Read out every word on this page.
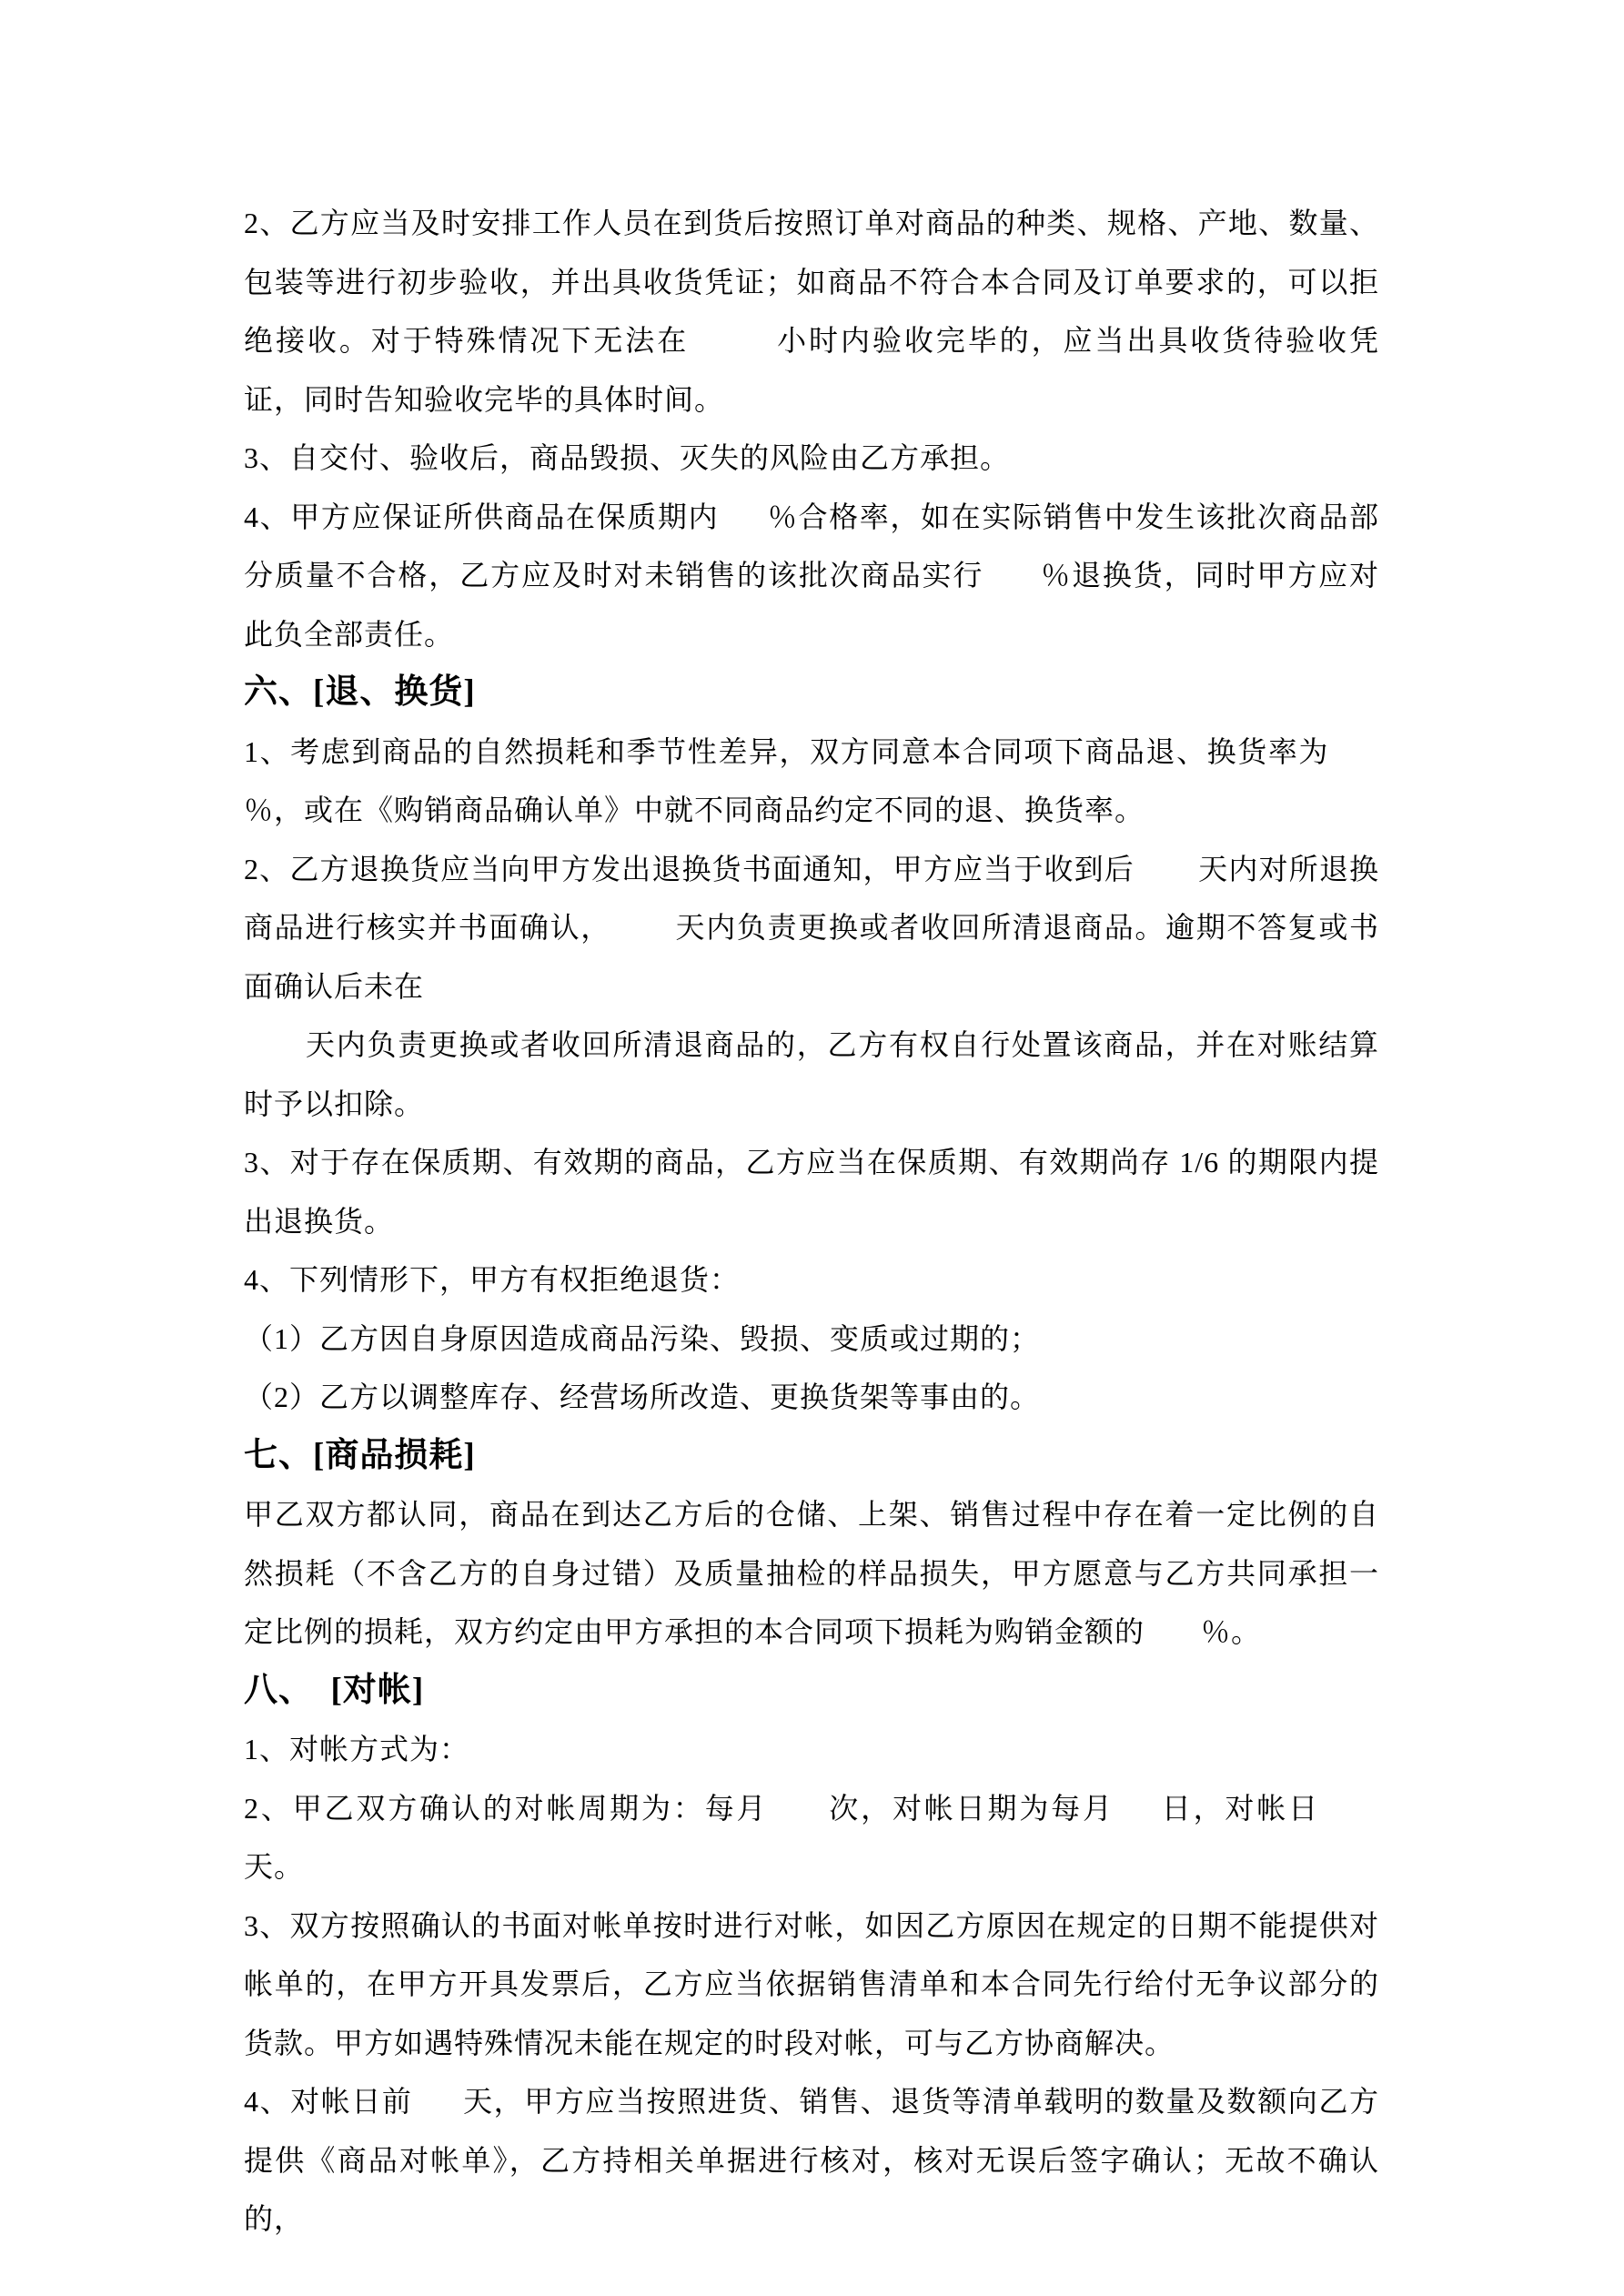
2、乙方应当及时安排工作人员在到货后按照订单对商品的种类、规格、产地、数量、包装等进行初步验收，并出具收货凭证；如商品不符合本合同及订单要求的，可以拒绝接收。对于特殊情况下无法在	小时内验收完毕的，应当出具收货待验收凭证，同时告知验收完毕的具体时间。

3、自交付、验收后，商品毁损、灭失的风险由乙方承担。

4、甲方应保证所供商品在保质期内 ％合格率，如在实际销售中发生该批次商品部分质量不合格，乙方应及时对未销售的该批次商品实行 ％退换货，同时甲方应对此负全部责任。

六、[退、换货]

1、考虑到商品的自然损耗和季节性差异，双方同意本合同项下商品退、换货率为％，或在《购销商品确认单》中就不同商品约定不同的退、换货率。

2、乙方退换货应当向甲方发出退换货书面通知，甲方应当于收到后 天内对所退换商品进行核实并书面确认， 天内负责更换或者收回所清退商品。逾期不答复或书面确认后未在

天内负责更换或者收回所清退商品的，乙方有权自行处置该商品，并在对账结算时予以扣除。

3、对于存在保质期、有效期的商品，乙方应当在保质期、有效期尚存 1/6 的期限内提出退换货。

4、下列情形下，甲方有权拒绝退货：

（1）乙方因自身原因造成商品污染、毁损、变质或过期的；

（2）乙方以调整库存、经营场所改造、更换货架等事由的。

七、[商品损耗]

甲乙双方都认同，商品在到达乙方后的仓储、上架、销售过程中存在着一定比例的自然损耗（不含乙方的自身过错）及质量抽检的样品损失，甲方愿意与乙方共同承担一定比例的损耗，双方约定由甲方承担的本合同项下损耗为购销金额的 ％。

八、　[对帐]

1、对帐方式为：

2、甲乙双方确认的对帐周期为：每月 次，对帐日期为每月 日，对帐日天。

3、双方按照确认的书面对帐单按时进行对帐，如因乙方原因在规定的日期不能提供对帐单的，在甲方开具发票后，乙方应当依据销售清单和本合同先行给付无争议部分的货款。甲方如遇特殊情况未能在规定的时段对帐，可与乙方协商解决。

4、对帐日前 天，甲方应当按照进货、销售、退货等清单载明的数量及数额向乙方提供《商品对帐单》，乙方持相关单据进行核对，核对无误后签字确认；无故不确认的，
